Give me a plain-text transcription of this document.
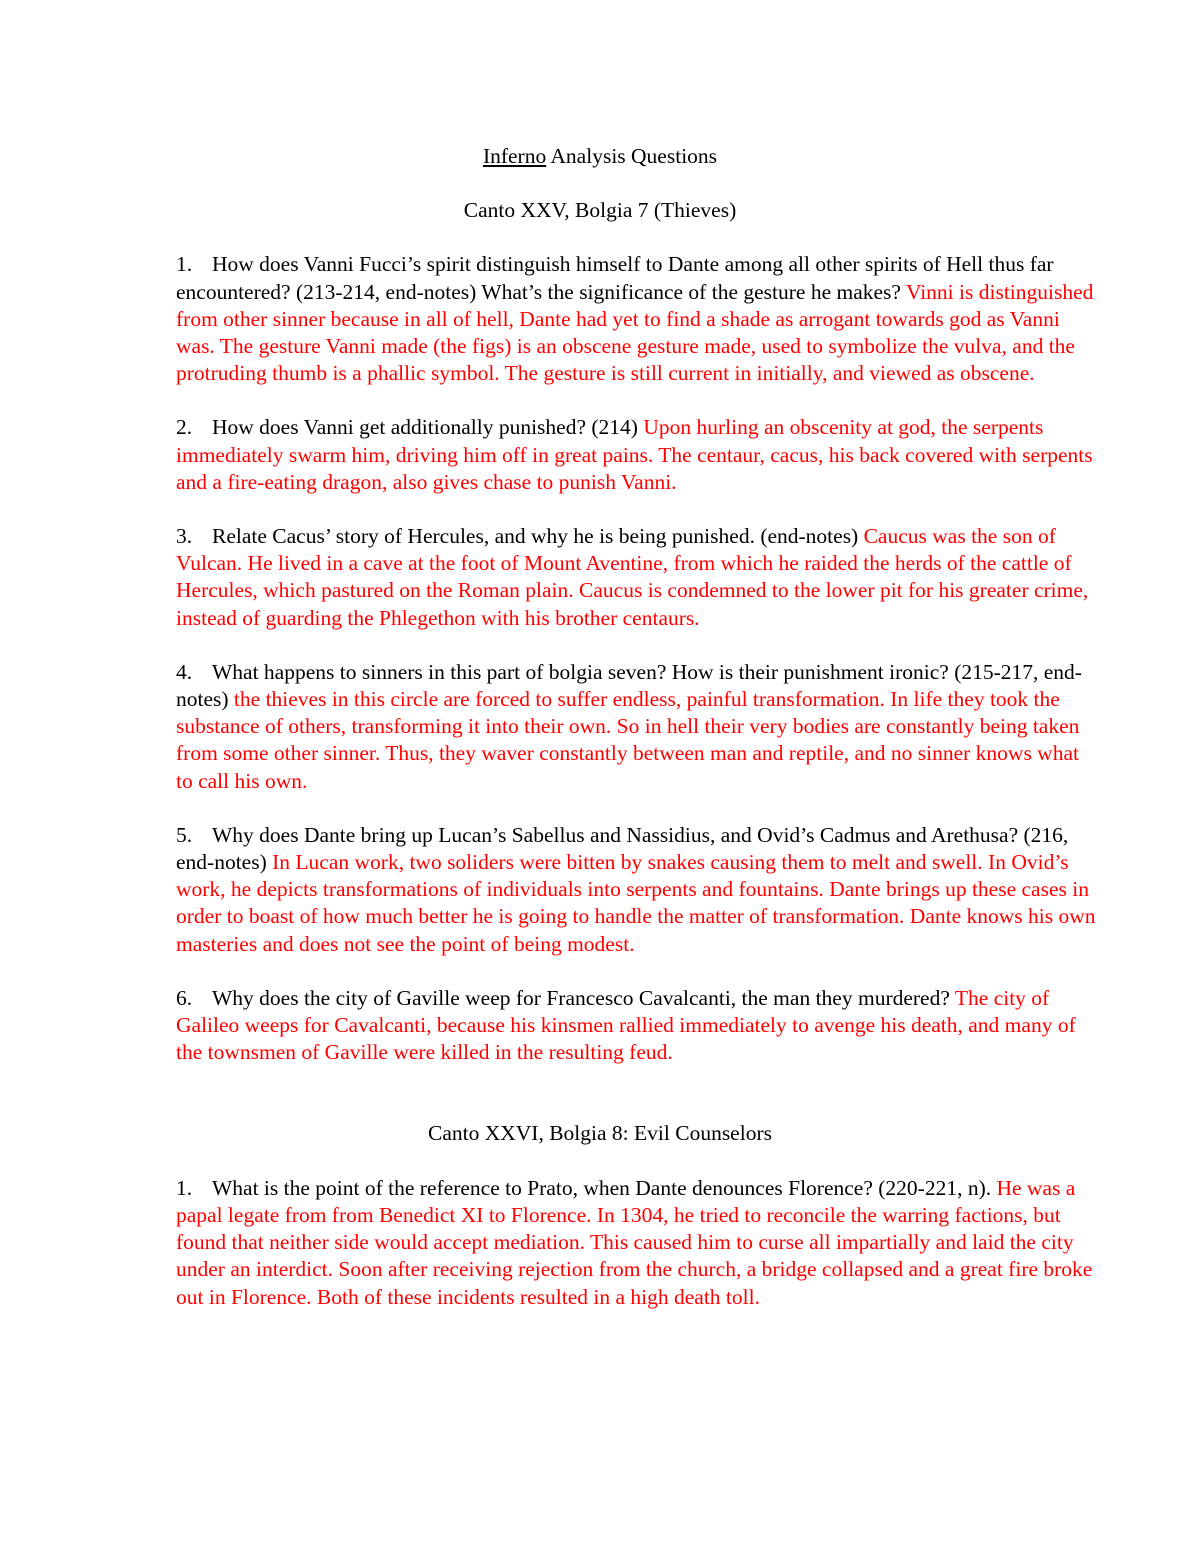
Inferno Analysis Questions

Canto XXV, Bolgia 7 (Thieves)

1. How does Vanni Fucci’s spirit distinguish himself to Dante among all other spirits of Hell thus far encountered? (213-214, end-notes) What’s the significance of the gesture he makes? Vinni is distinguished from other sinner because in all of hell, Dante had yet to find a shade as arrogant towards god as Vanni was. The gesture Vanni made (the figs) is an obscene gesture made, used to symbolize the vulva, and the protruding thumb is a phallic symbol. The gesture is still current in initially, and viewed as obscene.

2. How does Vanni get additionally punished? (214) Upon hurling an obscenity at god, the serpents immediately swarm him, driving him off in great pains. The centaur, cacus, his back covered with serpents and a fire-eating dragon, also gives chase to punish Vanni.

3. Relate Cacus’ story of Hercules, and why he is being punished. (end-notes) Caucus was the son of Vulcan. He lived in a cave at the foot of Mount Aventine, from which he raided the herds of the cattle of Hercules, which pastured on the Roman plain. Caucus is condemned to the lower pit for his greater crime, instead of guarding the Phlegethon with his brother centaurs.

4. What happens to sinners in this part of bolgia seven? How is their punishment ironic? (215-217, end-notes) the thieves in this circle are forced to suffer endless, painful transformation. In life they took the substance of others, transforming it into their own. So in hell their very bodies are constantly being taken from some other sinner. Thus, they waver constantly between man and reptile, and no sinner knows what to call his own.

5. Why does Dante bring up Lucan’s Sabellus and Nassidius, and Ovid’s Cadmus and Arethusa? (216, end-notes) In Lucan work, two soliders were bitten by snakes causing them to melt and swell. In Ovid’s work, he depicts transformations of individuals into serpents and fountains. Dante brings up these cases in order to boast of how much better he is going to handle the matter of transformation. Dante knows his own masteries and does not see the point of being modest.

6. Why does the city of Gaville weep for Francesco Cavalcanti, the man they murdered? The city of Galileo weeps for Cavalcanti, because his kinsmen rallied immediately to avenge his death, and many of the townsmen of Gaville were killed in the resulting feud.

Canto XXVI, Bolgia 8: Evil Counselors

1. What is the point of the reference to Prato, when Dante denounces Florence? (220-221, n). He was a papal legate from from Benedict XI to Florence. In 1304, he tried to reconcile the warring factions, but found that neither side would accept mediation. This caused him to curse all impartially and laid the city under an interdict. Soon after receiving rejection from the church, a bridge collapsed and a great fire broke out in Florence. Both of these incidents resulted in a high death toll.
